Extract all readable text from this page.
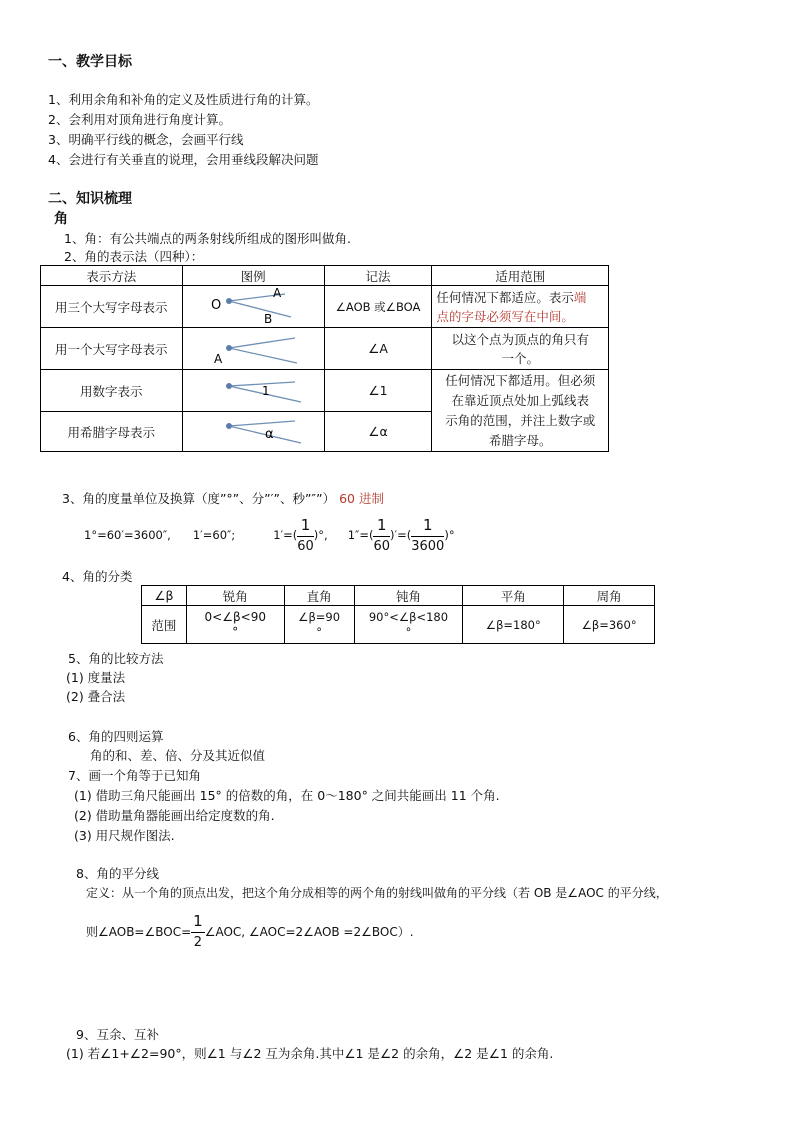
一、教学目标
1、利用余角和补角的定义及性质进行角的计算。
2、会利用对顶角进行角度计算。
3、明确平行线的概念，会画平行线
4、会进行有关垂直的说理，会用垂线段解决问题
二、知识梳理
角
1、角：有公共端点的两条射线所组成的图形叫做角.
2、角的表示法（四种）：
表示方法	图例	记法	适用范围
用三个大写字母表示	O
A
B	∠AOB 或∠BOA	任何情况下都适应。表示端
点的字母必须写在中间。
用一个大写字母表示	A	∠A	以这个点为顶点的角只有
一个。
用数字表示	1	∠1	任何情况下都适用。但必须
在靠近顶点处加上弧线表
示角的范围，并注上数字或
希腊字母。
用希腊字母表示	α	∠α	
3、角的度量单位及换算（度”°”、分”′”、秒”″”） 60 进制
1°=60′=3600″, 1′=60″;	$1'=( \frac{1}{60}$ )°, $1''=( \frac{1}{60}$ )′=( $\frac{1}{3600}$ )°
4、角的分类
∠β	锐角	直角	钝角	平角	周角
范围	0<∠β<90
°	∠β=90
°	90°<∠β<180
°	∠β=180°	∠β=360°
5、角的比较方法
(1) 度量法
(2) 叠合法
6、角的四则运算
角的和、差、倍、分及其近似值
7、画一个角等于已知角
(1) 借助三角尺能画出 15° 的倍数的角，在 0～180° 之间共能画出 11 个角.
(2) 借助量角器能画出给定度数的角.
(3) 用尺规作图法.
8、角的平分线
定义：从一个角的顶点出发，把这个角分成相等的两个角的射线叫做角的平分线（若 OB 是∠AOC 的平分线，
则∠AOB=∠BOC= $\frac{1}{2}$ ∠AOC, ∠AOC=2∠AOB =2∠BOC）.
9、互余、互补
(1) 若∠1+∠2=90°，则∠1 与∠2 互为余角.其中∠1 是∠2 的余角，∠2 是∠1 的余角.
